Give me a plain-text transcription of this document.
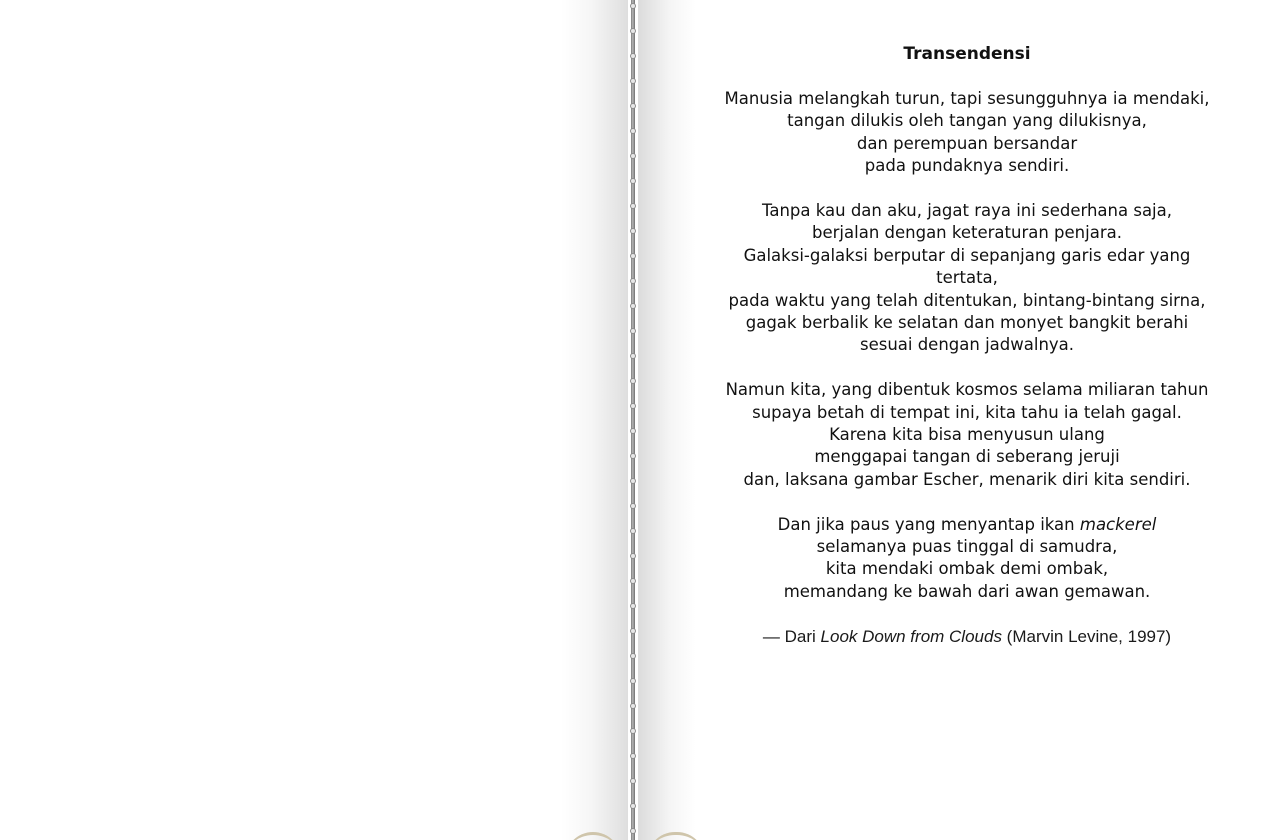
Transendensi
Manusia melangkah turun, tapi sesungguhnya ia mendaki,
tangan dilukis oleh tangan yang dilukisnya,
dan perempuan bersandar
pada pundaknya sendiri.
Tanpa kau dan aku, jagat raya ini sederhana saja,
berjalan dengan keteraturan penjara.
Galaksi-galaksi berputar di sepanjang garis edar yang tertata,
pada waktu yang telah ditentukan, bintang-bintang sirna,
gagak berbalik ke selatan dan monyet bangkit berahi
sesuai dengan jadwalnya.
Namun kita, yang dibentuk kosmos selama miliaran tahun
supaya betah di tempat ini, kita tahu ia telah gagal.
Karena kita bisa menyusun ulang
menggapai tangan di seberang jeruji
dan, laksana gambar Escher, menarik diri kita sendiri.
Dan jika paus yang menyantap ikan mackerel
selamanya puas tinggal di samudra,
kita mendaki ombak demi ombak,
memandang ke bawah dari awan gemawan.
— Dari Look Down from Clouds (Marvin Levine, 1997)
